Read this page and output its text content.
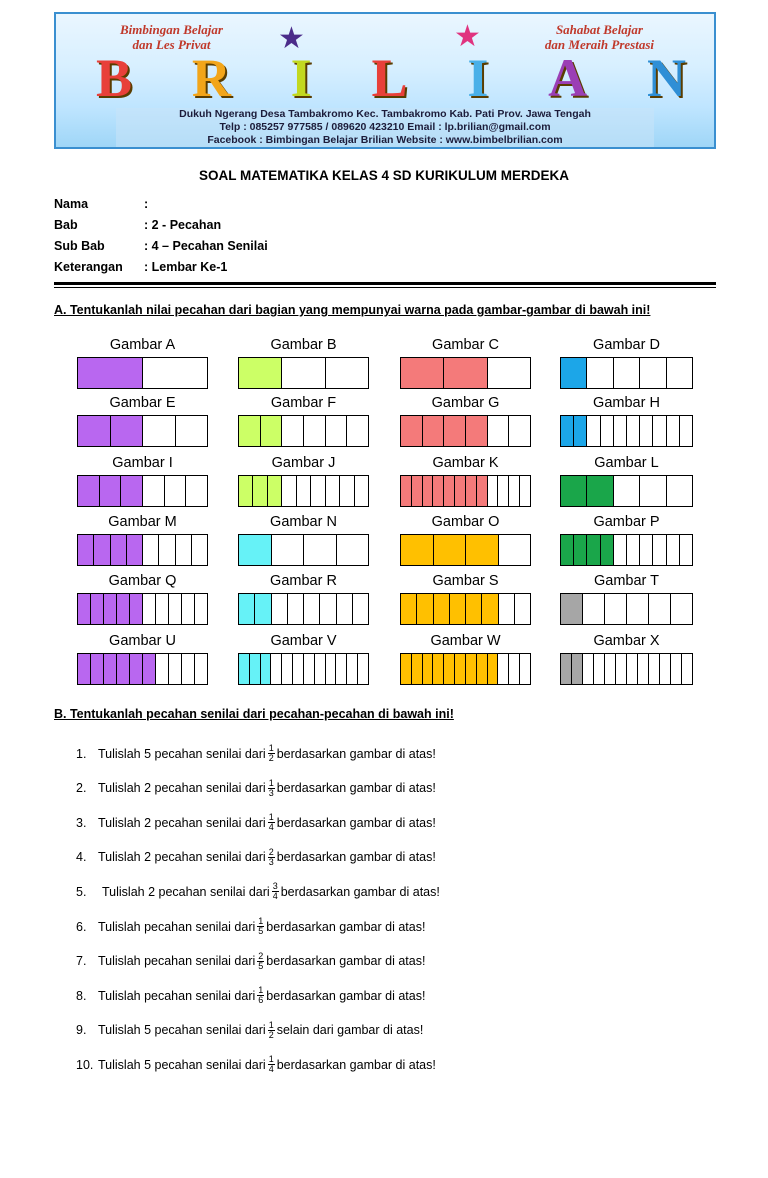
Bimbingan Belajar
dan Les Privat
Sahabat Belajar
dan Meraih Prestasi
★	★
B R I L I A N
Dukuh Ngerang Desa Tambakromo Kec. Tambakromo Kab. Pati Prov. Jawa Tengah
Telp : 085257 977585 / 089620 423210 Email : lp.brilian@gmail.com
Facebook : Bimbingan Belajar Brilian Website : www.bimbelbrilian.com
SOAL MATEMATIKA KELAS 4 SD KURIKULUM MERDEKA
Nama	:
Bab	: 2 - Pecahan
Sub Bab	: 4 – Pecahan Senilai
Keterangan	: Lembar Ke-1
A. Tentukanlah nilai pecahan dari bagian yang mempunyai warna pada gambar-gambar di bawah ini!
Gambar A	Gambar B	Gambar C	Gambar D
Gambar E	Gambar F	Gambar G	Gambar H
Gambar I	Gambar J	Gambar K	Gambar L
Gambar M	Gambar N	Gambar O	Gambar P
Gambar Q	Gambar R	Gambar S	Gambar T
Gambar U	Gambar V	Gambar W	Gambar X
B. Tentukanlah pecahan senilai dari pecahan-pecahan di bawah ini!
1. Tulislah 5 pecahan senilai dari $\frac{1}{2}$ berdasarkan gambar di atas!
2. Tulislah 2 pecahan senilai dari $\frac{1}{3}$ berdasarkan gambar di atas!
3. Tulislah 2 pecahan senilai dari $\frac{1}{4}$ berdasarkan gambar di atas!
4. Tulislah 2 pecahan senilai dari $\frac{2}{3}$ berdasarkan gambar di atas!
5.	Tulislah 2 pecahan senilai dari $\frac{3}{4}$ berdasarkan gambar di atas!
6. Tulislah pecahan senilai dari $\frac{1}{5}$ berdasarkan gambar di atas!
7. Tulislah pecahan senilai dari $\frac{2}{5}$ berdasarkan gambar di atas!
8. Tulislah pecahan senilai dari $\frac{1}{6}$ berdasarkan gambar di atas!
9. Tulislah 5 pecahan senilai dari $\frac{1}{2}$ selain dari gambar di atas!
10. Tulislah 5 pecahan senilai dari $\frac{1}{4}$ berdasarkan gambar di atas!
